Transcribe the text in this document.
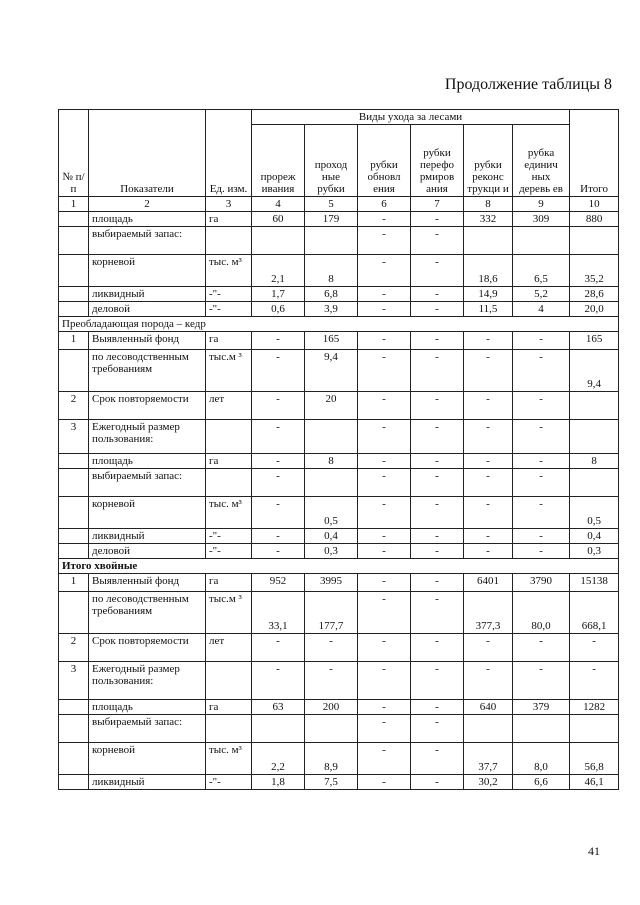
Продолжение таблицы 8
№ п/п	Показатели	Ед. изм.	Виды ухода за лесами						Итого
			прореж ивания	проход ные рубки	рубки обновл ения	рубки перефо рмиров ания	рубки реконс трукци и	рубка единич ных деревь ев	
1	2	3	4	5	6	7	8	9	10
	площадь	га	60	179	-	-	332	309	880
	выбираемый запас:				-	-			
	корневой	тыс. м³	2,1	8	-	-	18,6	6,5	35,2
	ликвидный	-"-	1,7	6,8	-	-	14,9	5,2	28,6
	деловой	-"-	0,6	3,9	-	-	11,5	4	20,0
Преобладающая порода – кедр									
1	Выявленный фонд	га	-	165	-	-	-	-	165
	по лесоводственным требованиям	тыс.м ³	-	9,4	-	-	-	-	9,4
2	Срок повторяемости	лет	-	20	-	-	-	-	
3	Ежегодный размер пользования:		-		-	-	-	-	
	площадь	га	-	8	-	-	-	-	8
	выбираемый запас:		-		-	-	-	-	
	корневой	тыс. м³	-	0,5	-	-	-	-	0,5
	ликвидный	-"-	-	0,4	-	-	-	-	0,4
	деловой	-"-	-	0,3	-	-	-	-	0,3
Итого хвойные									
1	Выявленный фонд	га	952	3995	-	-	6401	3790	15138
	по лесоводственным требованиям	тыс.м ³	33,1	177,7	-	-	377,3	80,0	668,1
2	Срок повторяемости	лет	-	-	-	-	-	-	-
3	Ежегодный размер пользования:		-	-	-	-	-	-	-
	площадь	га	63	200	-	-	640	379	1282
	выбираемый запас:				-	-			
	корневой	тыс. м³	2,2	8,9	-	-	37,7	8,0	56,8
	ликвидный	-"-	1,8	7,5	-	-	30,2	6,6	46,1
41
